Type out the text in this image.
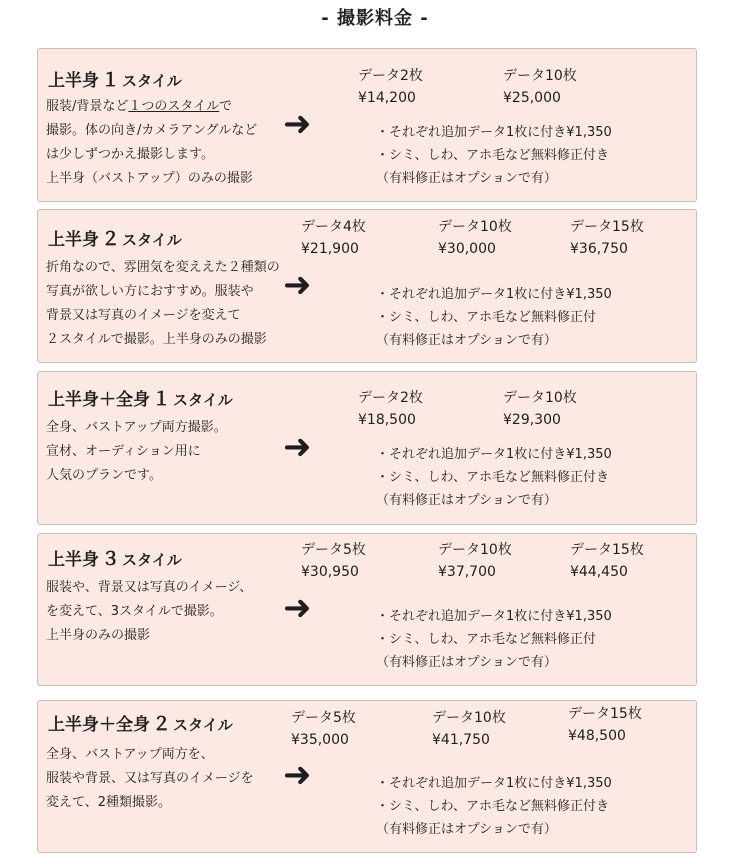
- 撮影料金 -
上半身 １ スタイル
服装/背景など１つのスタイルで
撮影。体の向き/カメラアングルなど
は少しずつかえ撮影します。
上半身（バストアップ）のみの撮影
➜
データ2枚
¥14,200
データ10枚
¥25,000
・それぞれ追加データ1枚に付き¥1,350
・シミ、しわ、アホ毛など無料修正付き
（有料修正はオプションで有）
上半身 ２ スタイル
折角なので、雰囲気を変ええた２種類の
写真が欲しい方におすすめ。服装や
背景又は写真のイメージを変えて
２スタイルで撮影。上半身のみの撮影
➜
データ4枚
¥21,900
データ10枚
¥30,000
データ15枚
¥36,750
・それぞれ追加データ1枚に付き¥1,350
・シミ、しわ、アホ毛など無料修正付
（有料修正はオプションで有）
上半身＋全身 １ スタイル
全身、バストアップ両方撮影。
宣材、オーディション用に
人気のプランです。
➜
データ2枚
¥18,500
データ10枚
¥29,300
・それぞれ追加データ1枚に付き¥1,350
・シミ、しわ、アホ毛など無料修正付き
（有料修正はオプションで有）
上半身 ３ スタイル
服装や、背景又は写真のイメージ、
を変えて、3スタイルで撮影。
上半身のみの撮影
➜
データ5枚
¥30,950
データ10枚
¥37,700
データ15枚
¥44,450
・それぞれ追加データ1枚に付き¥1,350
・シミ、しわ、アホ毛など無料修正付
（有料修正はオプションで有）
上半身＋全身 ２ スタイル
全身、バストアップ両方を、
服装や背景、又は写真のイメージを
変えて、2種類撮影。
➜
データ5枚
¥35,000
データ10枚
¥41,750
データ15枚
¥48,500
・それぞれ追加データ1枚に付き¥1,350
・シミ、しわ、アホ毛など無料修正付き
（有料修正はオプションで有）
